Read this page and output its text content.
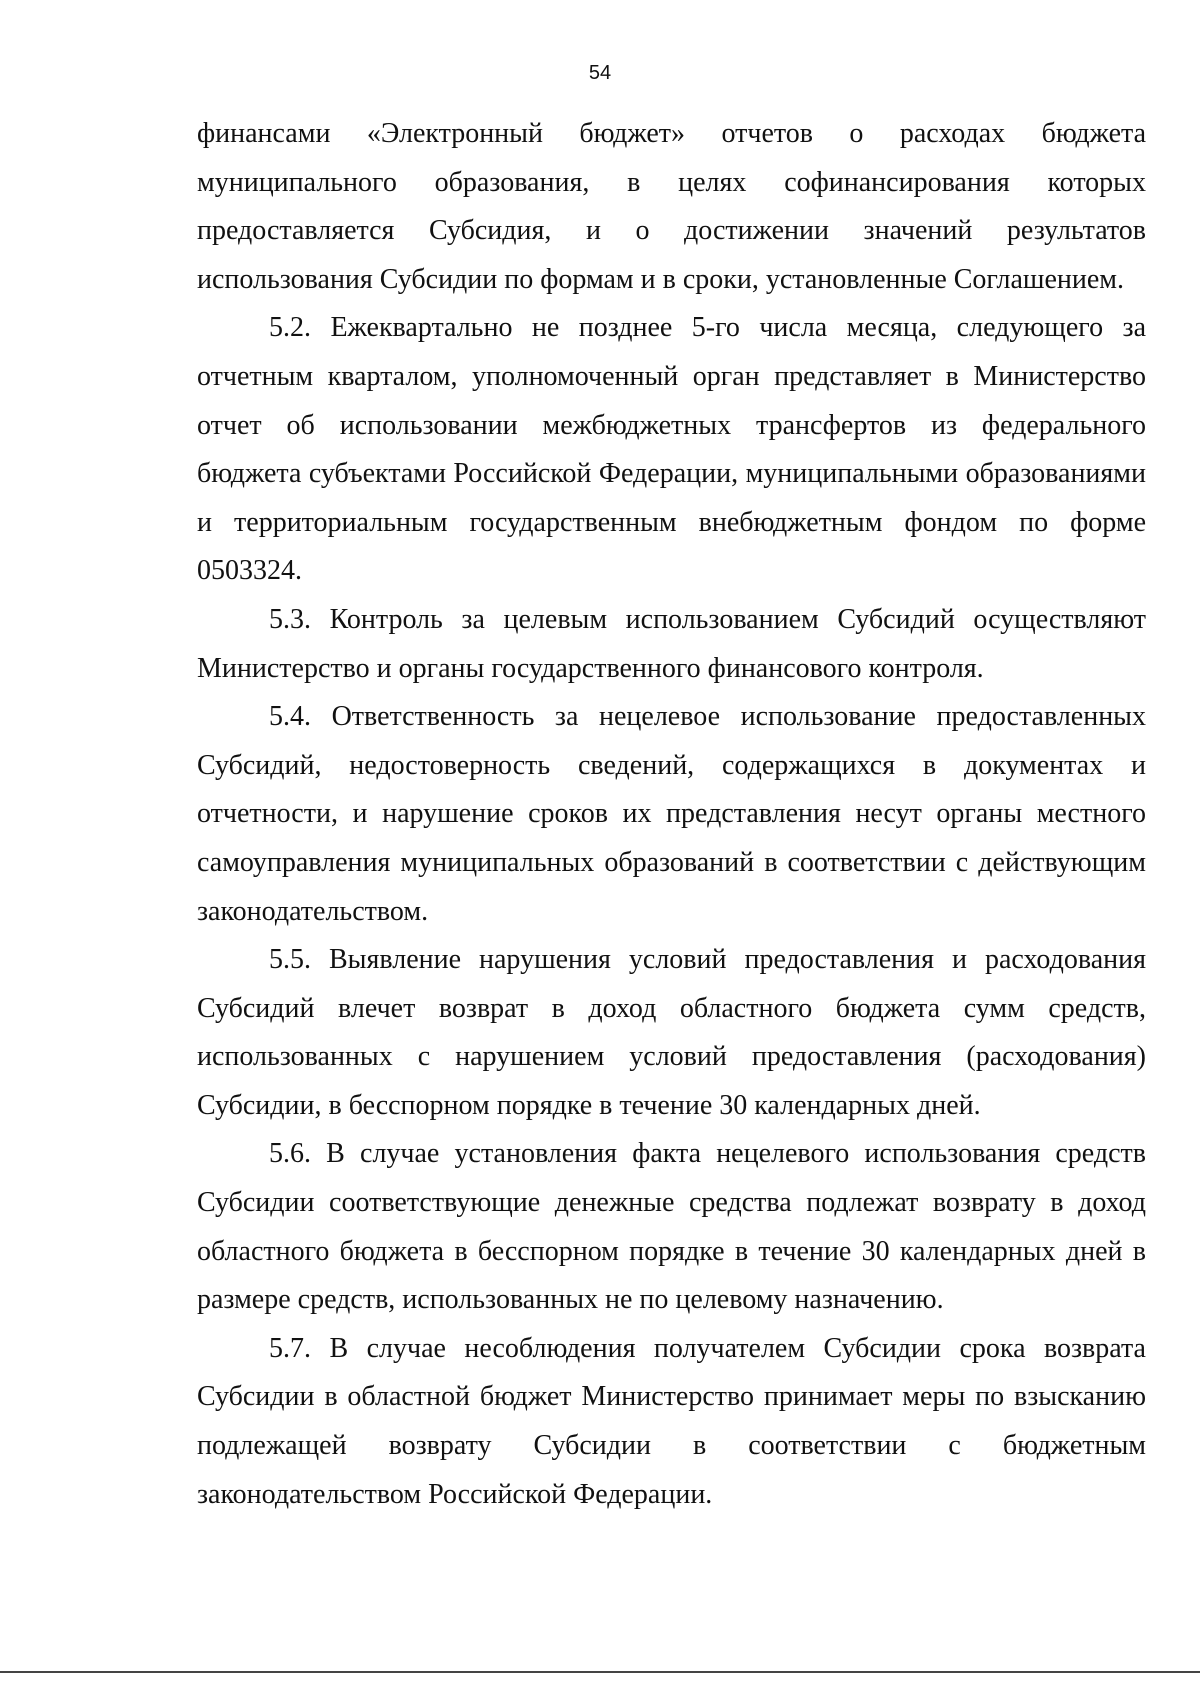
54

финансами «Электронный бюджет» отчетов о расходах бюджета муниципального образования, в целях софинансирования которых предоставляется Субсидия, и о достижении значений результатов использования Субсидии по формам и в сроки, установленные Соглашением.

5.2. Ежеквартально не позднее 5-го числа месяца, следующего за отчетным кварталом, уполномоченный орган представляет в Министерство отчет об использовании межбюджетных трансфертов из федерального бюджета субъектами Российской Федерации, муниципальными образованиями и территориальным государственным внебюджетным фондом по форме 0503324.

5.3. Контроль за целевым использованием Субсидий осуществляют Министерство и органы государственного финансового контроля.

5.4. Ответственность за нецелевое использование предоставленных Субсидий, недостоверность сведений, содержащихся в документах и отчетности, и нарушение сроков их представления несут органы местного самоуправления муниципальных образований в соответствии с действующим законодательством.

5.5. Выявление нарушения условий предоставления и расходования Субсидий влечет возврат в доход областного бюджета сумм средств, использованных с нарушением условий предоставления (расходования) Субсидии, в бесспорном порядке в течение 30 календарных дней.

5.6. В случае установления факта нецелевого использования средств Субсидии соответствующие денежные средства подлежат возврату в доход областного бюджета в бесспорном порядке в течение 30 календарных дней в размере средств, использованных не по целевому назначению.

5.7. В случае несоблюдения получателем Субсидии срока возврата Субсидии в областной бюджет Министерство принимает меры по взысканию подлежащей возврату Субсидии в соответствии с бюджетным законодательством Российской Федерации.
